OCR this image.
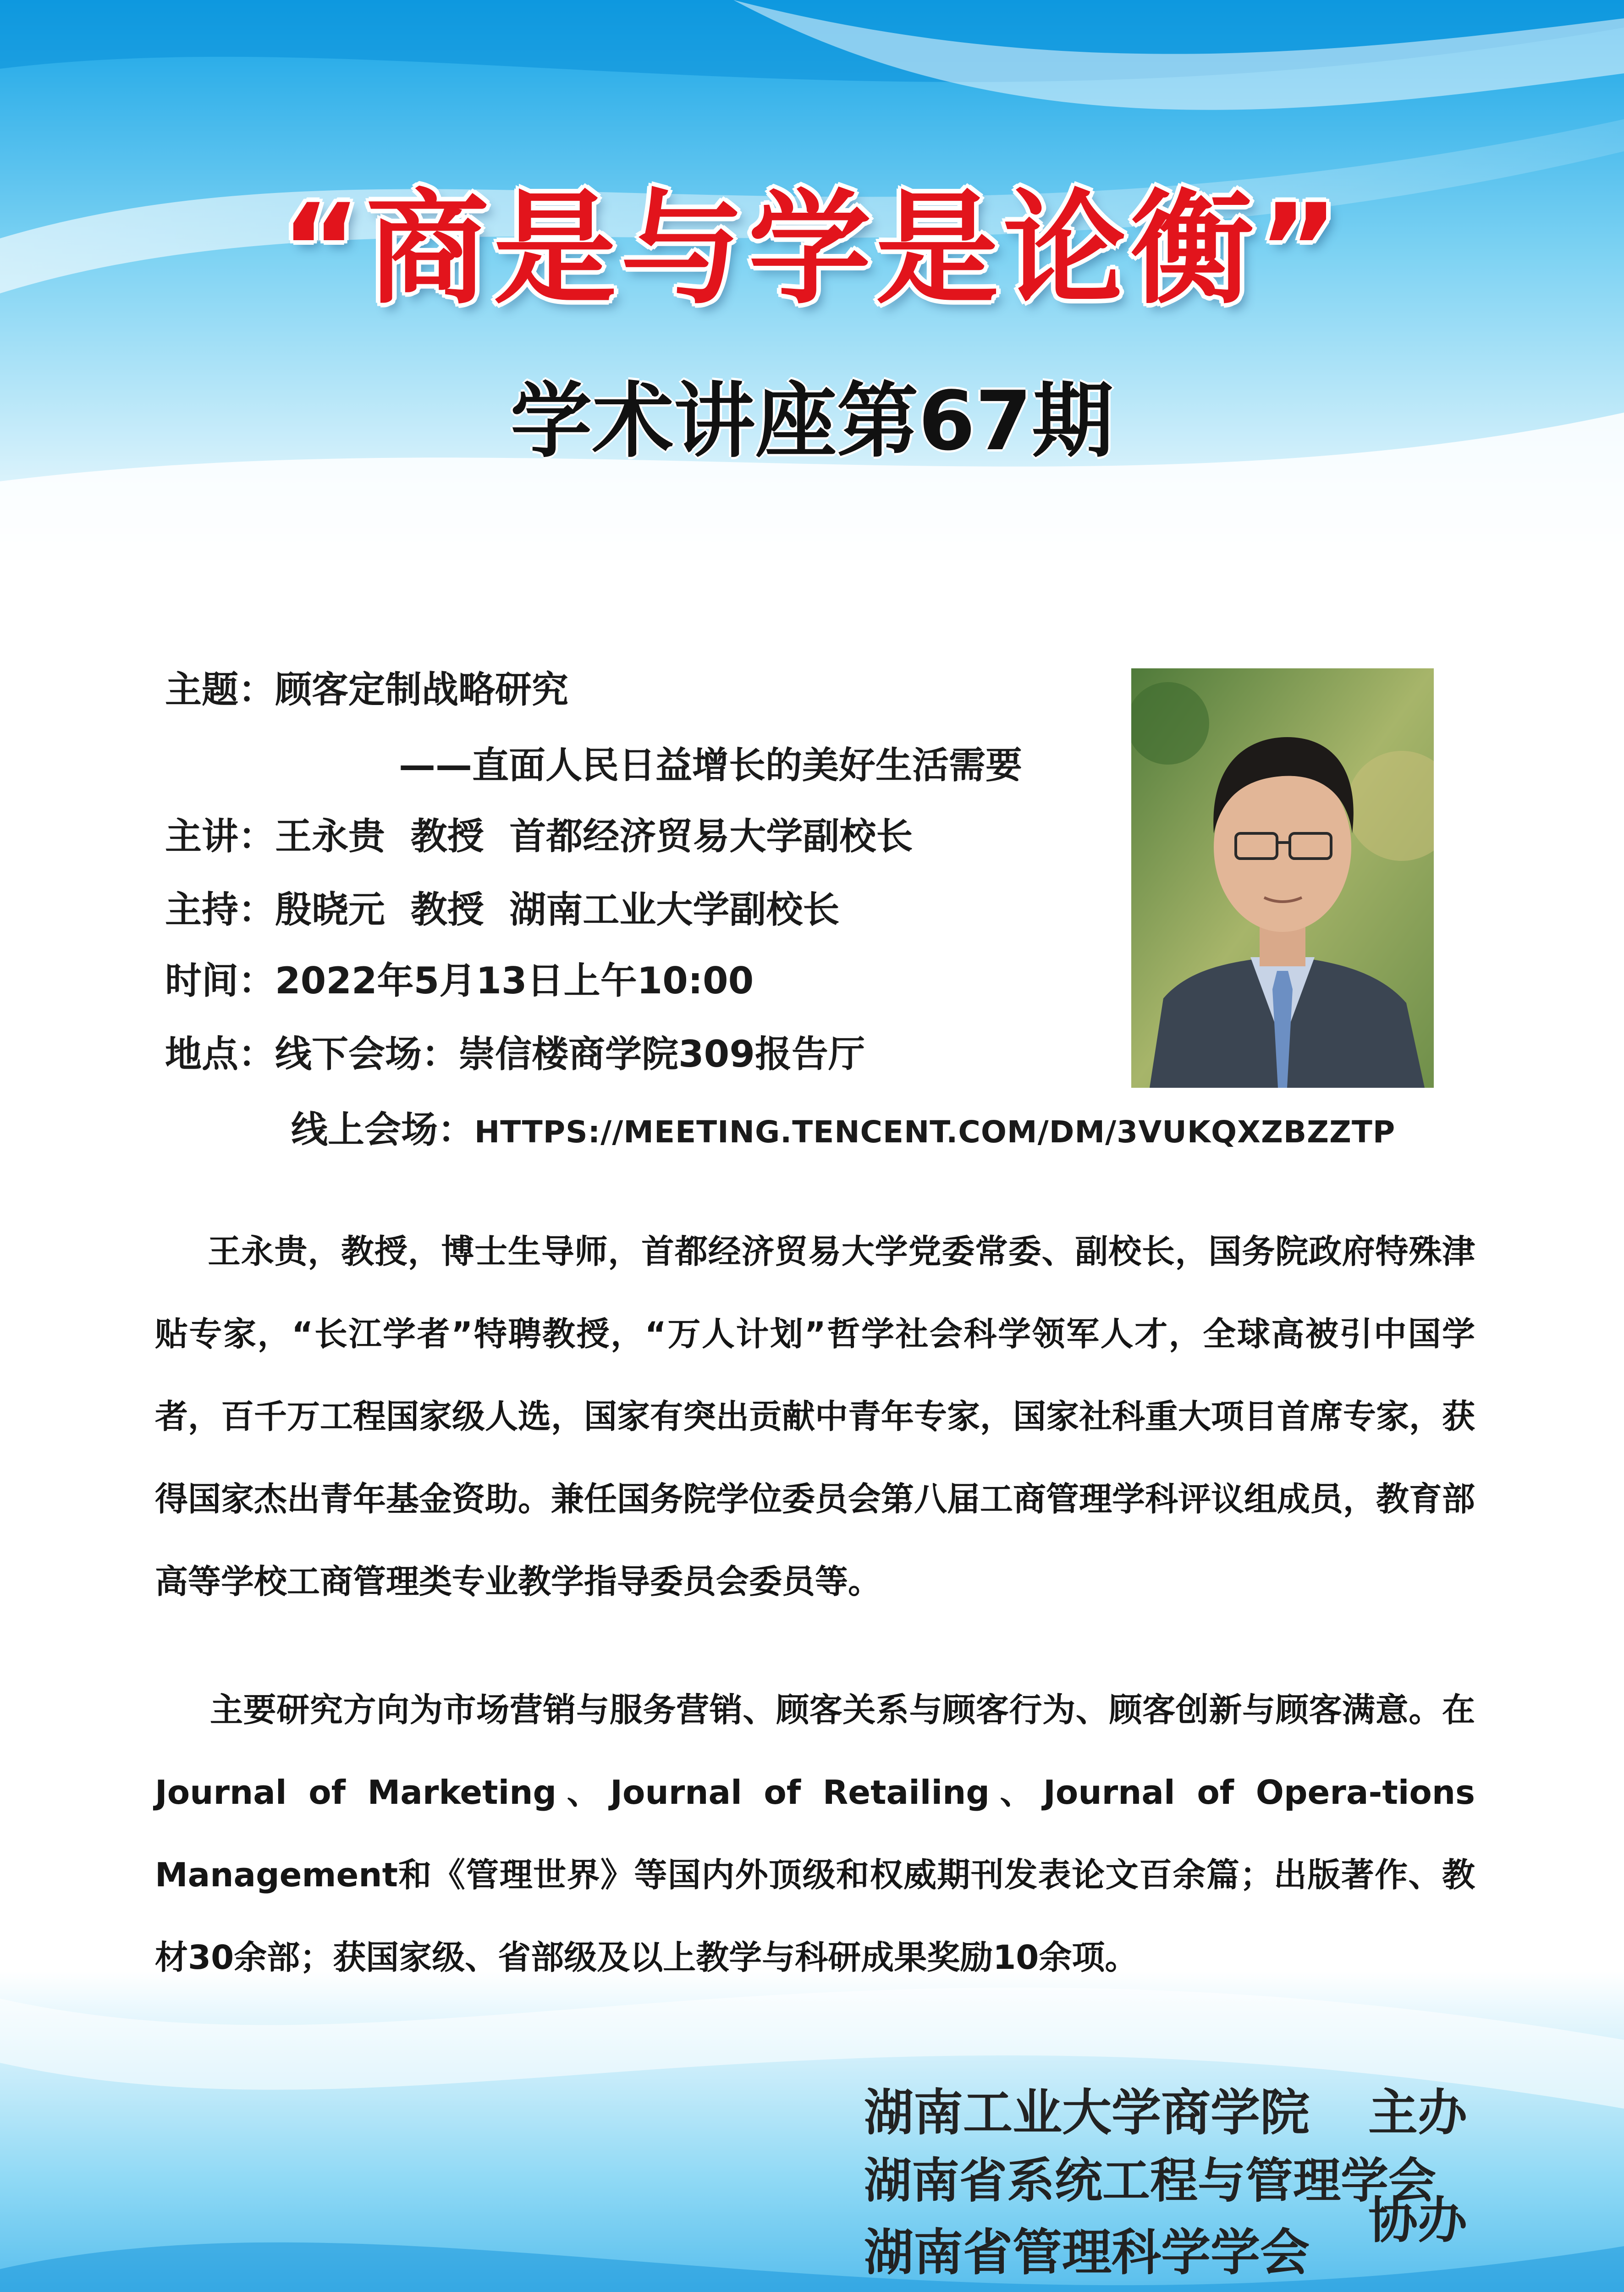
“商是与学是论衡”
学术讲座第67期
主题：顾客定制战略研究
——直面人民日益增长的美好生活需要
主讲：王永贵  教授  首都经济贸易大学副校长
主持：殷晓元  教授  湖南工业大学副校长
时间：2022年5月13日上午10:00
地点：线下会场：崇信楼商学院309报告厅
线上会场：HTTPS://MEETING.TENCENT.COM/DM/3VUKQXZBZZTP
王永贵，教授，博士生导师，首都经济贸易大学党委常委、副校长，国务院政府特殊津贴专家，“长江学者”特聘教授，“万人计划”哲学社会科学领军人才，全球高被引中国学者，百千万工程国家级人选，国家有突出贡献中青年专家，国家社科重大项目首席专家，获得国家杰出青年基金资助。兼任国务院学位委员会第八届工商管理学科评议组成员，教育部高等学校工商管理类专业教学指导委员会委员等。
主要研究方向为市场营销与服务营销、顾客关系与顾客行为、顾客创新与顾客满意。在Journal of Marketing、Journal of Retailing、Journal of Opera-tions Management和《管理世界》等国内外顶级和权威期刊发表论文百余篇；出版著作、教材30余部；获国家级、省部级及以上教学与科研成果奖励10余项。
湖南工业大学商学院 主办
湖南省系统工程与管理学会
湖南省管理科学学会
协办
